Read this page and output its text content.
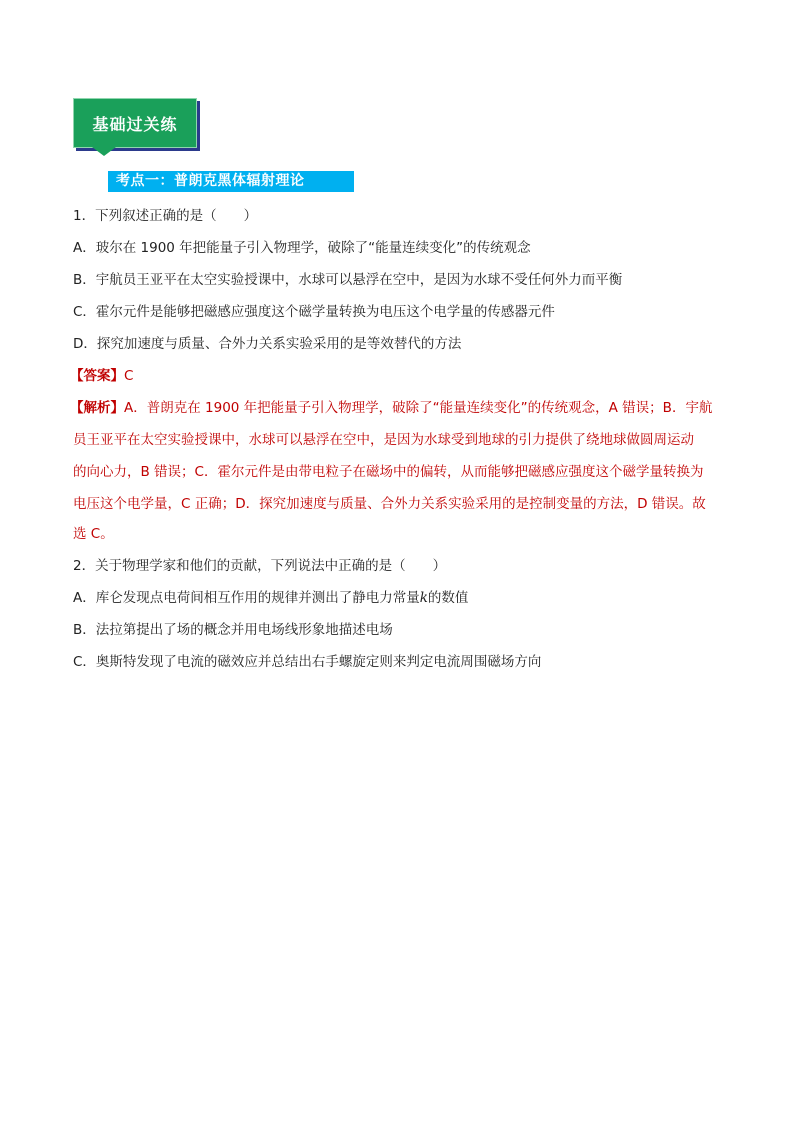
基础过关练
考点一：普朗克黑体辐射理论
1．下列叙述正确的是（　　）
A．玻尔在 1900 年把能量子引入物理学，破除了“能量连续变化”的传统观念
B．宇航员王亚平在太空实验授课中，水球可以悬浮在空中，是因为水球不受任何外力而平衡
C．霍尔元件是能够把磁感应强度这个磁学量转换为电压这个电学量的传感器元件
D．探究加速度与质量、合外力关系实验采用的是等效替代的方法
【答案】C
【解析】A．普朗克在 1900 年把能量子引入物理学，破除了“能量连续变化”的传统观念，A 错误；B．宇航
员王亚平在太空实验授课中，水球可以悬浮在空中，是因为水球受到地球的引力提供了绕地球做圆周运动
的向心力，B 错误；C．霍尔元件是由带电粒子在磁场中的偏转，从而能够把磁感应强度这个磁学量转换为
电压这个电学量，C 正确；D．探究加速度与质量、合外力关系实验采用的是控制变量的方法，D 错误。故
选 C。
2．关于物理学家和他们的贡献，下列说法中正确的是（　　）
A．库仑发现点电荷间相互作用的规律并测出了静电力常量k的数值
B．法拉第提出了场的概念并用电场线形象地描述电场
C．奥斯特发现了电流的磁效应并总结出右手螺旋定则来判定电流周围磁场方向
